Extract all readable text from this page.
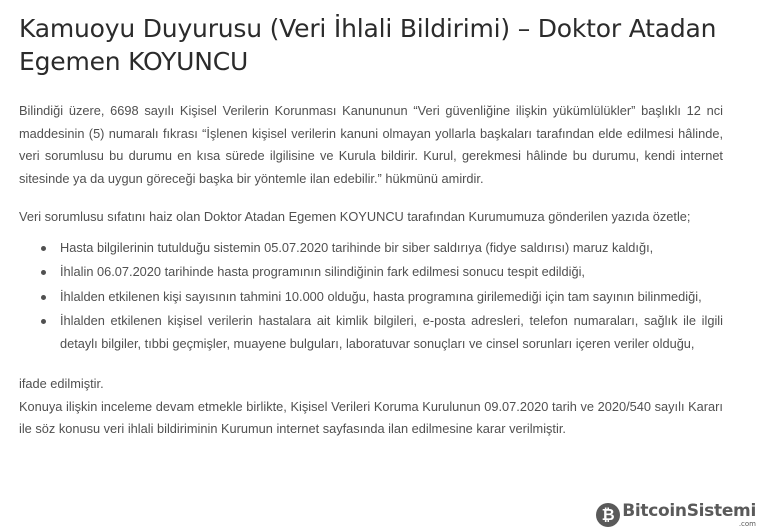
Kamuoyu Duyurusu (Veri İhlali Bildirimi) – Doktor Atadan Egemen KOYUNCU

Bilindiği üzere, 6698 sayılı Kişisel Verilerin Korunması Kanununun “Veri güvenliğine ilişkin yükümlülükler” başlıklı 12 nci maddesinin (5) numaralı fıkrası “İşlenen kişisel verilerin kanuni olmayan yollarla başkaları tarafından elde edilmesi hâlinde, veri sorumlusu bu durumu en kısa sürede ilgilisine ve Kurula bildirir. Kurul, gerekmesi hâlinde bu durumu, kendi internet sitesinde ya da uygun göreceği başka bir yöntemle ilan edebilir.” hükmünü amirdir.

Veri sorumlusu sıfatını haiz olan Doktor Atadan Egemen KOYUNCU tarafından Kurumumuza gönderilen yazıda özetle;

Hasta bilgilerinin tutulduğu sistemin 05.07.2020 tarihinde bir siber saldırıya (fidye saldırısı) maruz kaldığı,
İhlalin 06.07.2020 tarihinde hasta programının silindiğinin fark edilmesi sonucu tespit edildiği,
İhlalden etkilenen kişi sayısının tahmini 10.000 olduğu, hasta programına girilemediği için tam sayının bilinmediği,
İhlalden etkilenen kişisel verilerin hastalara ait kimlik bilgileri, e-posta adresleri, telefon numaraları, sağlık ile ilgili detaylı bilgiler, tıbbi geçmişler, muayene bulguları, laboratuvar sonuçları ve cinsel sorunları içeren veriler olduğu,

ifade edilmiştir.

Konuya ilişkin inceleme devam etmekle birlikte, Kişisel Verileri Koruma Kurulunun 09.07.2020 tarih ve 2020/540 sayılı Kararı ile söz konusu veri ihlali bildiriminin Kurumun internet sayfasında ilan edilmesine karar verilmiştir.

₿ BitcoinSistemi
.com
